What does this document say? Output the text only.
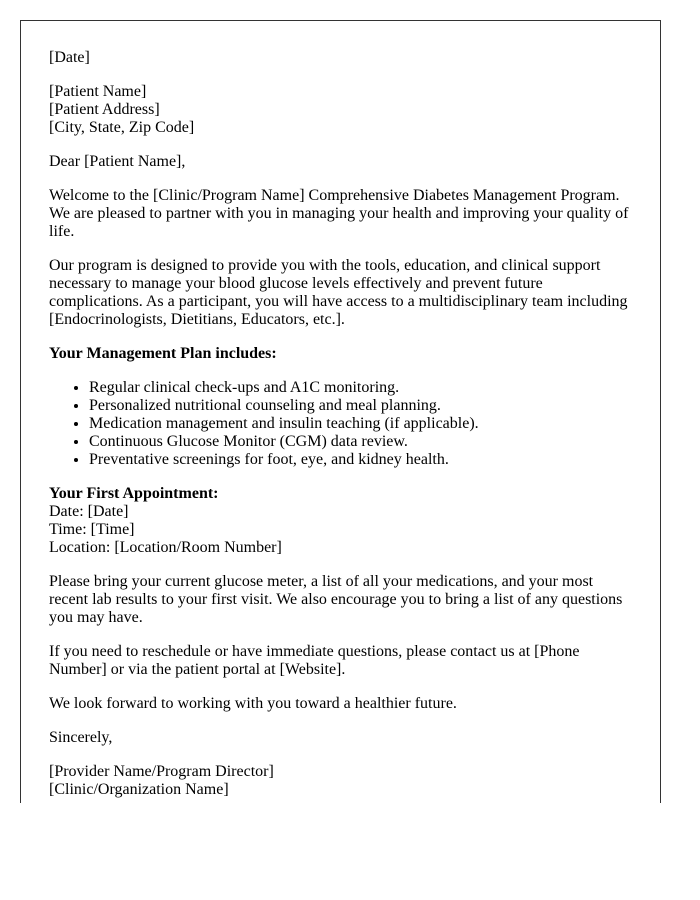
[Date]

[Patient Name]
[Patient Address]
[City, State, Zip Code]

Dear [Patient Name],

Welcome to the [Clinic/Program Name] Comprehensive Diabetes Management Program. We are pleased to partner with you in managing your health and improving your quality of life.

Our program is designed to provide you with the tools, education, and clinical support necessary to manage your blood glucose levels effectively and prevent future complications. As a participant, you will have access to a multidisciplinary team including [Endocrinologists, Dietitians, Educators, etc.].

Your Management Plan includes:

• Regular clinical check-ups and A1C monitoring.
• Personalized nutritional counseling and meal planning.
• Medication management and insulin teaching (if applicable).
• Continuous Glucose Monitor (CGM) data review.
• Preventative screenings for foot, eye, and kidney health.

Your First Appointment:
Date: [Date]
Time: [Time]
Location: [Location/Room Number]

Please bring your current glucose meter, a list of all your medications, and your most recent lab results to your first visit. We also encourage you to bring a list of any questions you may have.

If you need to reschedule or have immediate questions, please contact us at [Phone Number] or via the patient portal at [Website].

We look forward to working with you toward a healthier future.

Sincerely,

[Provider Name/Program Director]
[Clinic/Organization Name]
